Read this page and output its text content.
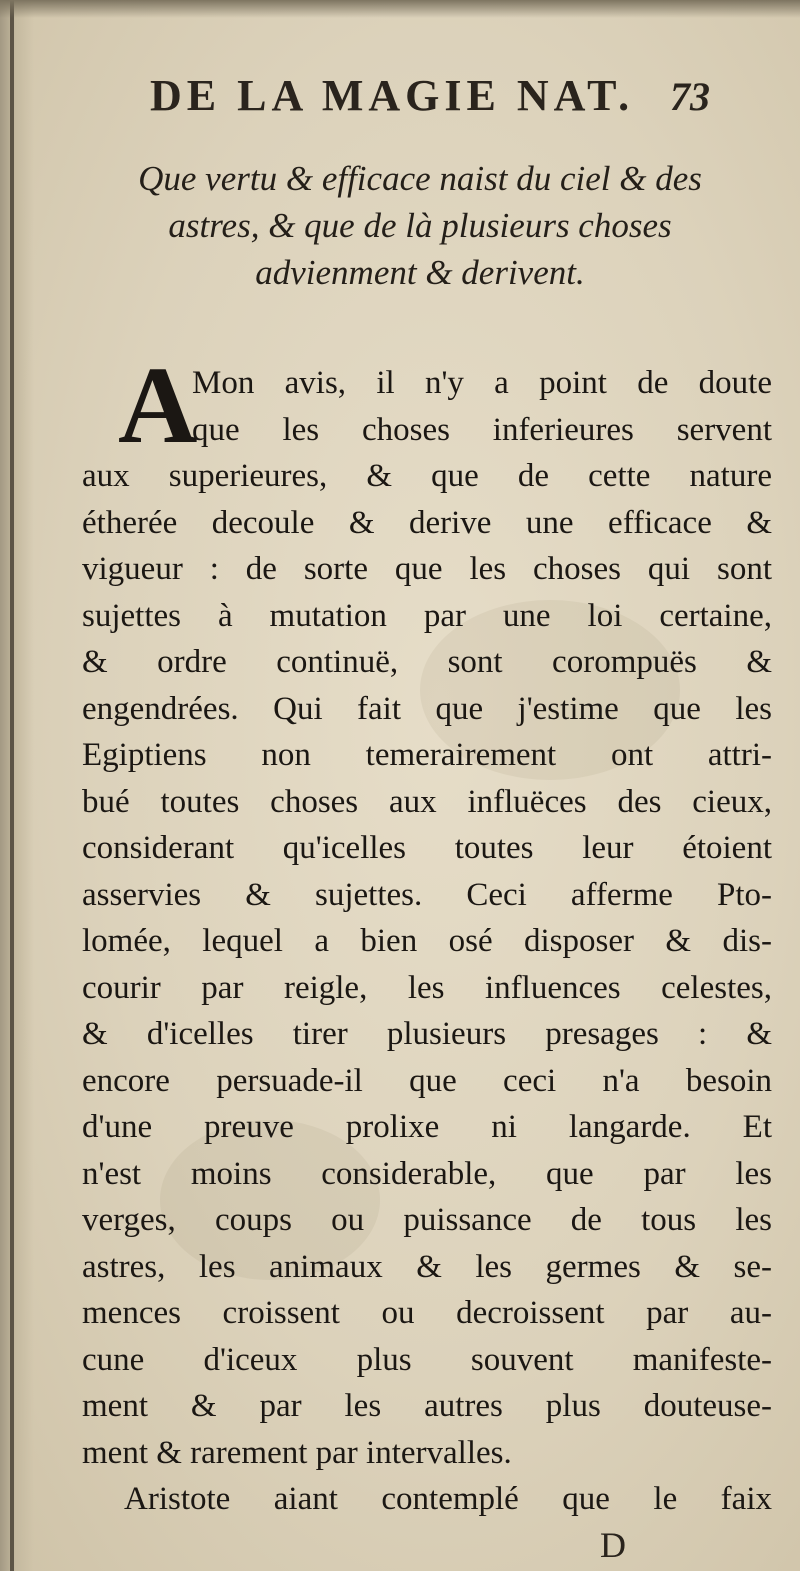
DE LA MAGIE NAT. 73
Que vertu & efficace naist du ciel & des
astres, & que de là plusieurs choses
advienment & derivent.
A
Mon avis, il n'y a point de doute
que les choses inferieures servent
aux superieures, & que de cette nature
étherée decoule & derive une efficace &
vigueur : de sorte que les choses qui sont
sujettes à mutation par une loi certaine,
& ordre continuë, sont corompuës &
engendrées. Qui fait que j'estime que les
Egiptiens non temerairement ont attri-
bué toutes choses aux influëces des cieux,
considerant qu'icelles toutes leur étoient
asservies & sujettes. Ceci afferme Pto-
lomée, lequel a bien osé disposer & dis-
courir par reigle, les influences celestes,
& d'icelles tirer plusieurs presages : &
encore persuade-il que ceci n'a besoin
d'une preuve prolixe ni langarde. Et
n'est moins considerable, que par les
verges, coups ou puissance de tous les
astres, les animaux & les germes & se-
mences croissent ou decroissent par au-
cune d'iceux plus souvent manifeste-
ment & par les autres plus douteuse-
ment & rarement par intervalles.
Aristote aiant contemplé que le faix
D
